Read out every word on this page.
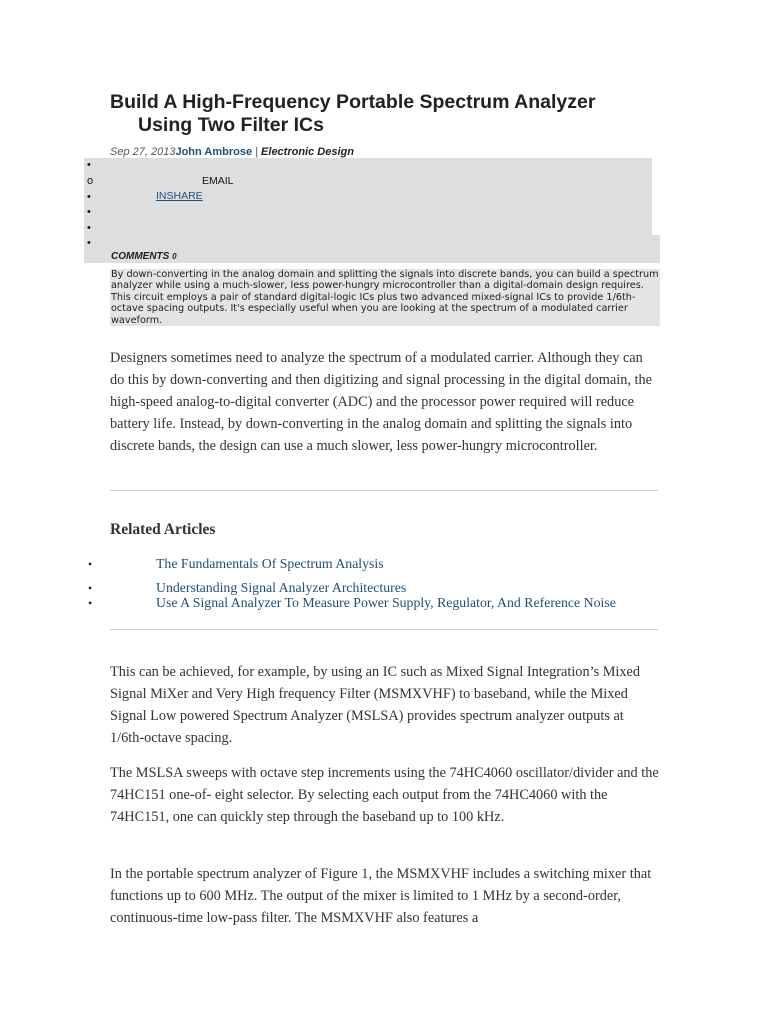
Build A High-Frequency Portable Spectrum Analyzer
Using Two Filter ICs
Sep 27, 2013John Ambrose | Electronic Design
•
o
•
•
•
•
EMAIL
INSHARE
COMMENTS 0
By down-converting in the analog domain and splitting the signals into discrete bands, you can build a spectrum analyzer while using a much-slower, less power-hungry microcontroller than a digital-domain design requires. This circuit employs a pair of standard digital-logic ICs plus two advanced mixed-signal ICs to provide 1/6th-octave spacing outputs. It's especially useful when you are looking at the spectrum of a modulated carrier waveform.

Designers sometimes need to analyze the spectrum of a modulated carrier. Although they can do this by down-converting and then digitizing and signal processing in the digital domain, the high-speed analog-to-digital converter (ADC) and the processor power required will reduce battery life. Instead, by down-converting in the analog domain and splitting the signals into discrete bands, the design can use a much slower, less power-hungry microcontroller.

Related Articles
•	The Fundamentals Of Spectrum Analysis
•	Understanding Signal Analyzer Architectures
•	Use A Signal Analyzer To Measure Power Supply, Regulator, And Reference Noise

This can be achieved, for example, by using an IC such as Mixed Signal Integration’s Mixed Signal MiXer and Very High frequency Filter (MSMXVHF) to baseband, while the Mixed Signal Low powered Spectrum Analyzer (MSLSA) provides spectrum analyzer outputs at 1/6th-octave spacing.

The MSLSA sweeps with octave step increments using the 74HC4060 oscillator/divider and the 74HC151 one-of- eight selector. By selecting each output from the 74HC4060 with the 74HC151, one can quickly step through the baseband up to 100 kHz.

In the portable spectrum analyzer of Figure 1, the MSMXVHF includes a switching mixer that functions up to 600 MHz. The output of the mixer is limited to 1 MHz by a second-order, continuous-time low-pass filter. The MSMXVHF also features a
